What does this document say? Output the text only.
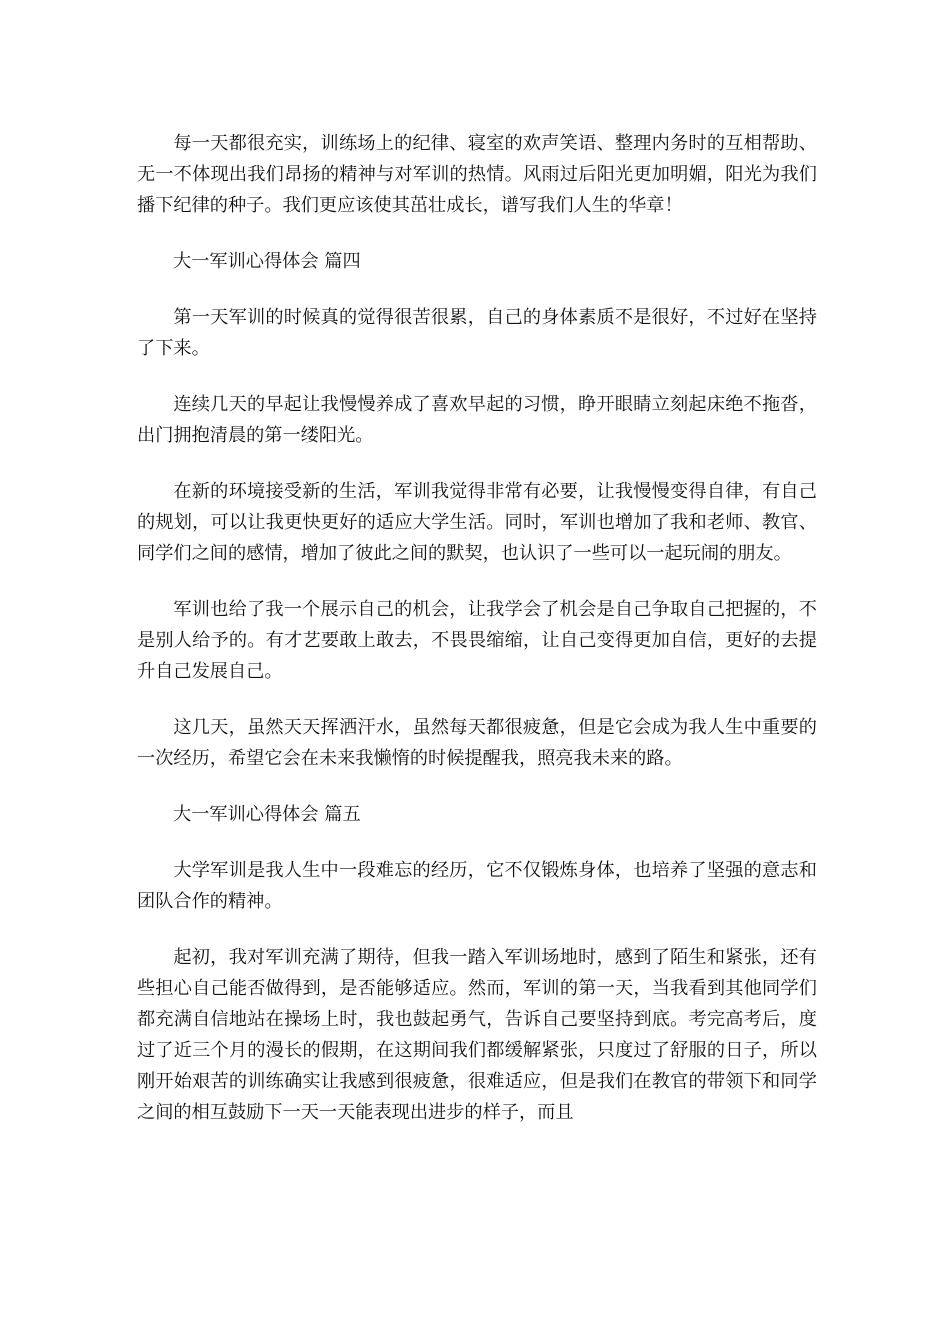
每一天都很充实，训练场上的纪律、寝室的欢声笑语、整理内务时的互相帮助、无一不体现出我们昂扬的精神与对军训的热情。风雨过后阳光更加明媚，阳光为我们播下纪律的种子。我们更应该使其茁壮成长，谱写我们人生的华章！

大一军训心得体会 篇四

第一天军训的时候真的觉得很苦很累，自己的身体素质不是很好，不过好在坚持了下来。

连续几天的早起让我慢慢养成了喜欢早起的习惯，睁开眼睛立刻起床绝不拖沓，出门拥抱清晨的第一缕阳光。

在新的环境接受新的生活，军训我觉得非常有必要，让我慢慢变得自律，有自己的规划，可以让我更快更好的适应大学生活。同时，军训也增加了我和老师、教官、同学们之间的感情，增加了彼此之间的默契，也认识了一些可以一起玩闹的朋友。

军训也给了我一个展示自己的机会，让我学会了机会是自己争取自己把握的，不是别人给予的。有才艺要敢上敢去，不畏畏缩缩，让自己变得更加自信，更好的去提升自己发展自己。

这几天，虽然天天挥洒汗水，虽然每天都很疲惫，但是它会成为我人生中重要的一次经历，希望它会在未来我懒惰的时候提醒我，照亮我未来的路。

大一军训心得体会 篇五

大学军训是我人生中一段难忘的经历，它不仅锻炼身体，也培养了坚强的意志和团队合作的精神。

起初，我对军训充满了期待，但我一踏入军训场地时，感到了陌生和紧张，还有些担心自己能否做得到，是否能够适应。然而，军训的第一天，当我看到其他同学们都充满自信地站在操场上时，我也鼓起勇气，告诉自己要坚持到底。考完高考后，度过了近三个月的漫长的假期，在这期间我们都缓解紧张，只度过了舒服的日子，所以刚开始艰苦的训练确实让我感到很疲惫，很难适应，但是我们在教官的带领下和同学之间的相互鼓励下一天一天能表现出进步的样子，而且
